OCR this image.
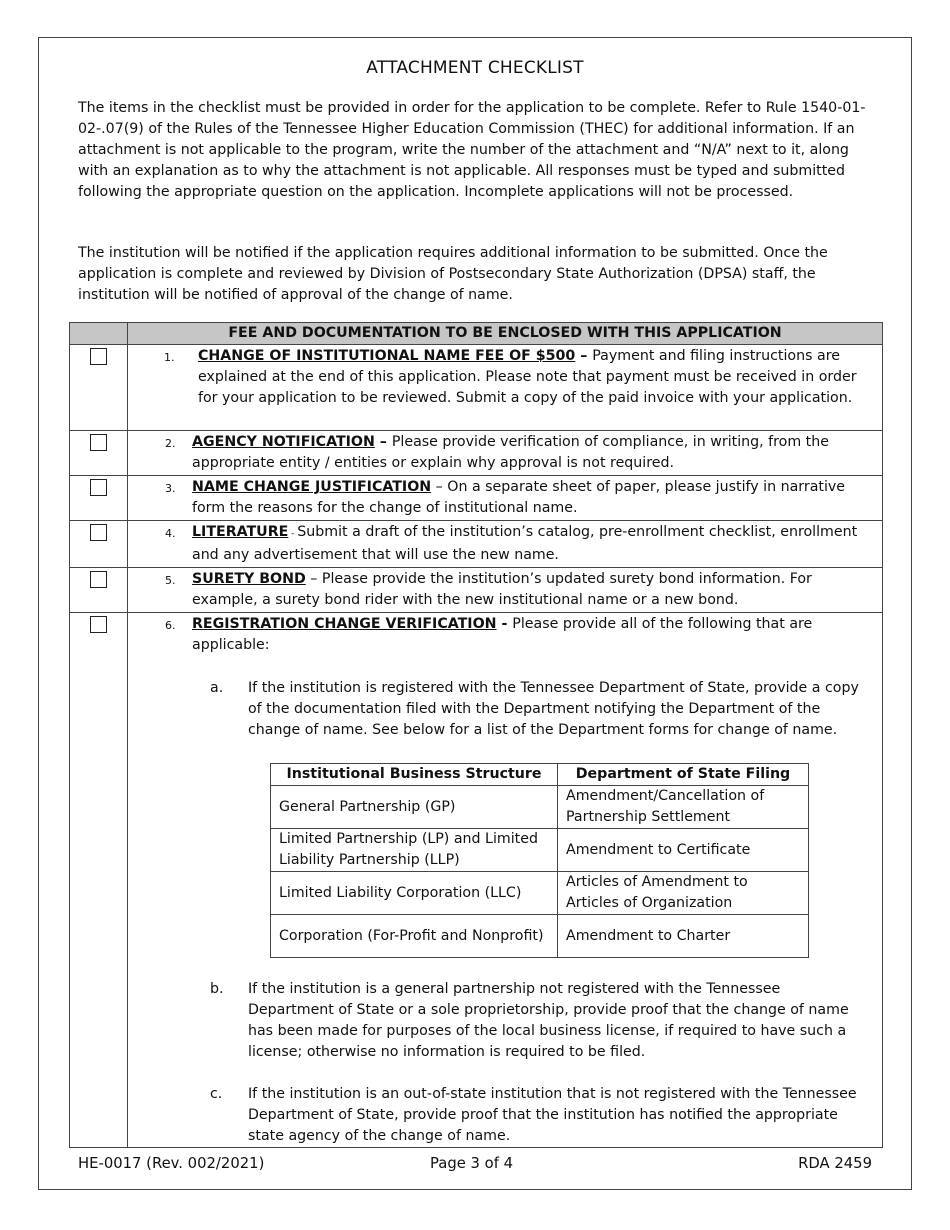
ATTACHMENT CHECKLIST
The items in the checklist must be provided in order for the application to be complete. Refer to Rule 1540-01-02-.07(9) of the Rules of the Tennessee Higher Education Commission (THEC) for additional information. If an attachment is not applicable to the program, write the number of the attachment and “N/A” next to it, along with an explanation as to why the attachment is not applicable. All responses must be typed and submitted following the appropriate question on the application. Incomplete applications will not be processed.
The institution will be notified if the application requires additional information to be submitted. Once the application is complete and reviewed by Division of Postsecondary State Authorization (DPSA) staff, the institution will be notified of approval of the change of name.
	FEE AND DOCUMENTATION TO BE ENCLOSED WITH THIS APPLICATION

1. CHANGE OF INSTITUTIONAL NAME FEE OF $500 – Payment and filing instructions are explained at the end of this application. Please note that payment must be received in order for your application to be reviewed. Submit a copy of the paid invoice with your application.

2. AGENCY NOTIFICATION – Please provide verification of compliance, in writing, from the appropriate entity / entities or explain why approval is not required.

3. NAME CHANGE JUSTIFICATION – On a separate sheet of paper, please justify in narrative form the reasons for the change of institutional name.

4. LITERATURE - Submit a draft of the institution’s catalog, pre-enrollment checklist, enrollment and any advertisement that will use the new name.

5. SURETY BOND – Please provide the institution’s updated surety bond information. For example, a surety bond rider with the new institutional name or a new bond.

6. REGISTRATION CHANGE VERIFICATION - Please provide all of the following that are applicable:
a. If the institution is registered with the Tennessee Department of State, provide a copy of the documentation filed with the Department notifying the Department of the change of name. See below for a list of the Department forms for change of name.
Institutional Business Structure	Department of State Filing
General Partnership (GP)	Amendment/Cancellation of Partnership Settlement
Limited Partnership (LP) and Limited Liability Partnership (LLP)	Amendment to Certificate
Limited Liability Corporation (LLC)	Articles of Amendment to Articles of Organization
Corporation (For-Profit and Nonprofit)	Amendment to Charter
b. If the institution is a general partnership not registered with the Tennessee Department of State or a sole proprietorship, provide proof that the change of name has been made for purposes of the local business license, if required to have such a license; otherwise no information is required to be filed.
c. If the institution is an out-of-state institution that is not registered with the Tennessee Department of State, provide proof that the institution has notified the appropriate state agency of the change of name.
HE-0017 (Rev. 002/2021)	Page 3 of 4	RDA 2459
